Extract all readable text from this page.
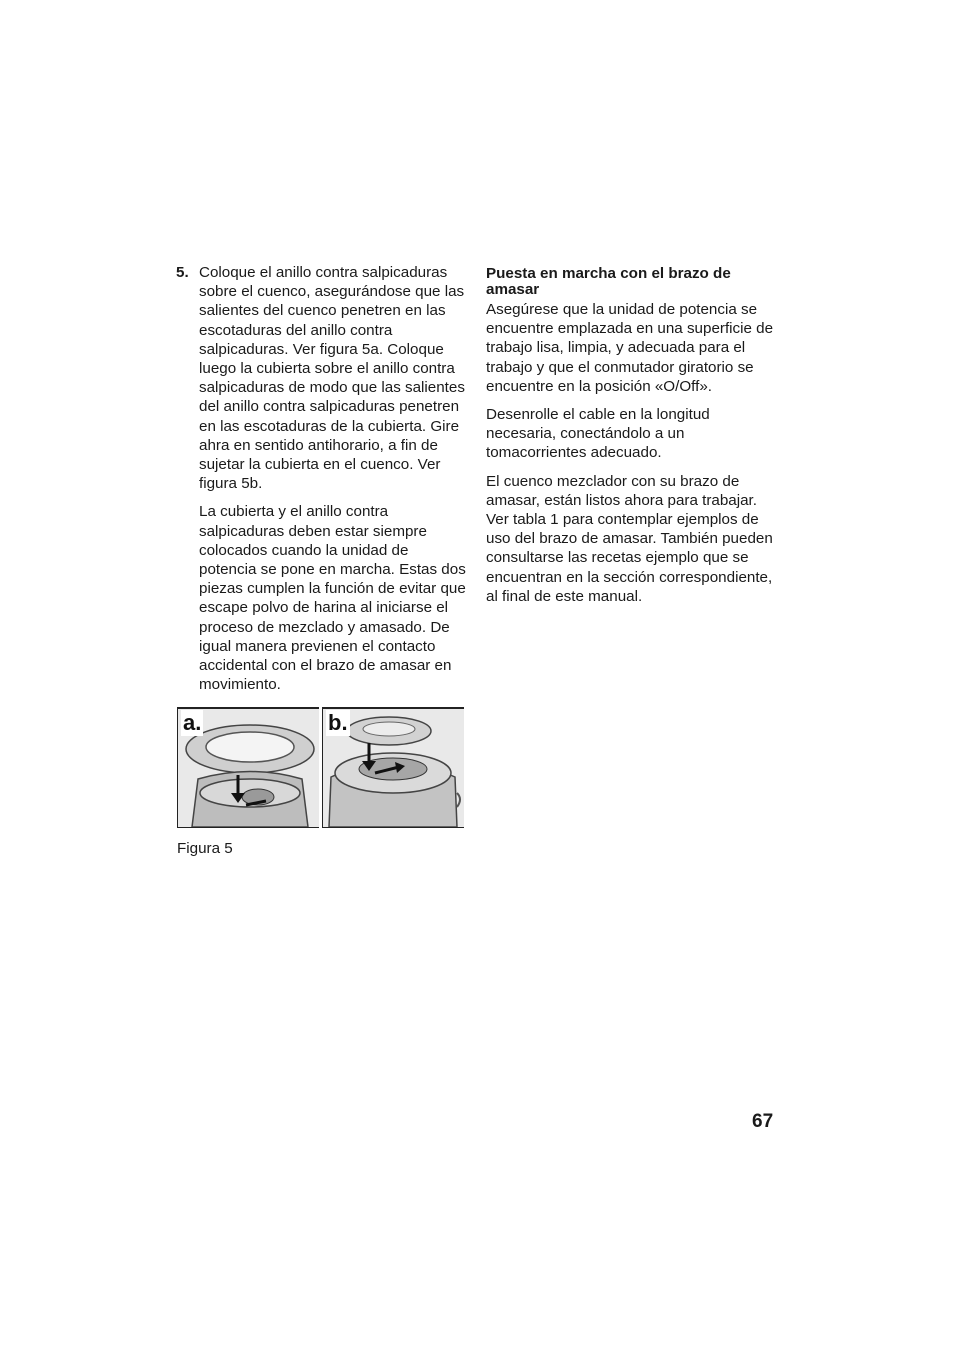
5. Coloque el anillo contra salpicaduras sobre el cuenco, asegurándose que las salientes del cuenco penetren en las escotaduras del anillo contra salpicaduras. Ver figura 5a. Coloque luego la cubierta sobre el anillo contra salpicaduras de modo que las salientes del anillo contra salpicaduras penetren en las escotaduras de la cubierta. Gire ahra en sentido antihorario, a fin de sujetar la cubierta en el cuenco. Ver figura 5b.

La cubierta y el anillo contra salpicaduras deben estar siempre colocados cuando la unidad de potencia se pone en marcha. Estas dos piezas cumplen la función de evitar que escape polvo de harina al iniciarse el proceso de mezclado y amasado. De igual manera previenen el contacto accidental con el brazo de amasar en movimiento.

a.	b.
Figura 5
Puesta en marcha con el brazo de amasar

Asegúrese que la unidad de potencia se encuentre emplazada en una superficie de trabajo lisa, limpia, y adecuada para el trabajo y que el conmutador giratorio se encuentre en la posición «O/Off».

Desenrolle el cable en la longitud necesaria, conectándolo a un tomacorrientes adecuado.

El cuenco mezclador con su brazo de amasar, están listos ahora para trabajar. Ver tabla 1 para contemplar ejemplos de uso del brazo de amasar. También pueden consultarse las recetas ejemplo que se encuentran en la sección correspondiente, al final de este manual.

67
